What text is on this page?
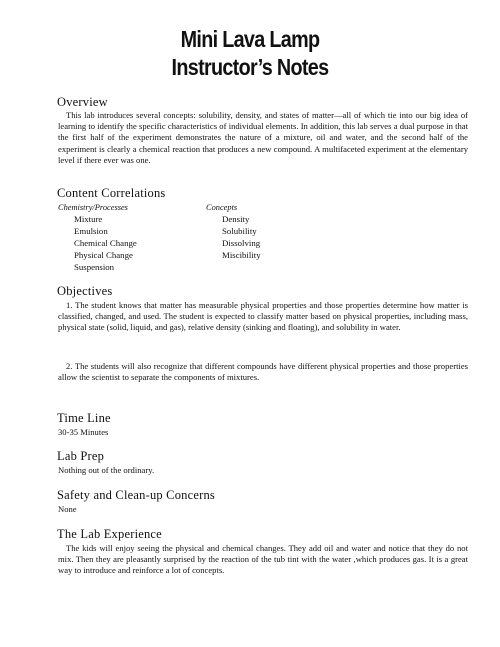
Mini Lava Lamp
Instructor’s Notes
Overview
This lab introduces several concepts: solubility, density, and states of matter—all of which tie into our big idea of learning to identify the specific characteristics of individual elements. In addition, this lab serves a dual purpose in that the first half of the experiment demonstrates the nature of a mixture, oil and water, and the second half of the experiment is clearly a chemical reaction that produces a new compound. A multifaceted experiment at the elementary level if there ever was one.
Content Correlations
Chemistry/Processes
Mixture
Emulsion
Chemical Change
Physical Change
Suspension
Concepts
Density
Solubility
Dissolving
Miscibility
Objectives
1. The student knows that matter has measurable physical properties and those properties determine how matter is classified, changed, and used. The student is expected to classify matter based on physical properties, including mass, physical state (solid, liquid, and gas), relative density (sinking and floating), and solubility in water.
2. The students will also recognize that different compounds have different physical properties and those properties allow the scientist to separate the components of mixtures.
Time Line
30-35 Minutes
Lab Prep
Nothing out of the ordinary.
Safety and Clean-up Concerns
None
The Lab Experience
The kids will enjoy seeing the physical and chemical changes. They add oil and water and notice that they do not mix. Then they are pleasantly surprised by the reaction of the tub tint with the water ,which produces gas. It is a great way to introduce and reinforce a lot of concepts.
